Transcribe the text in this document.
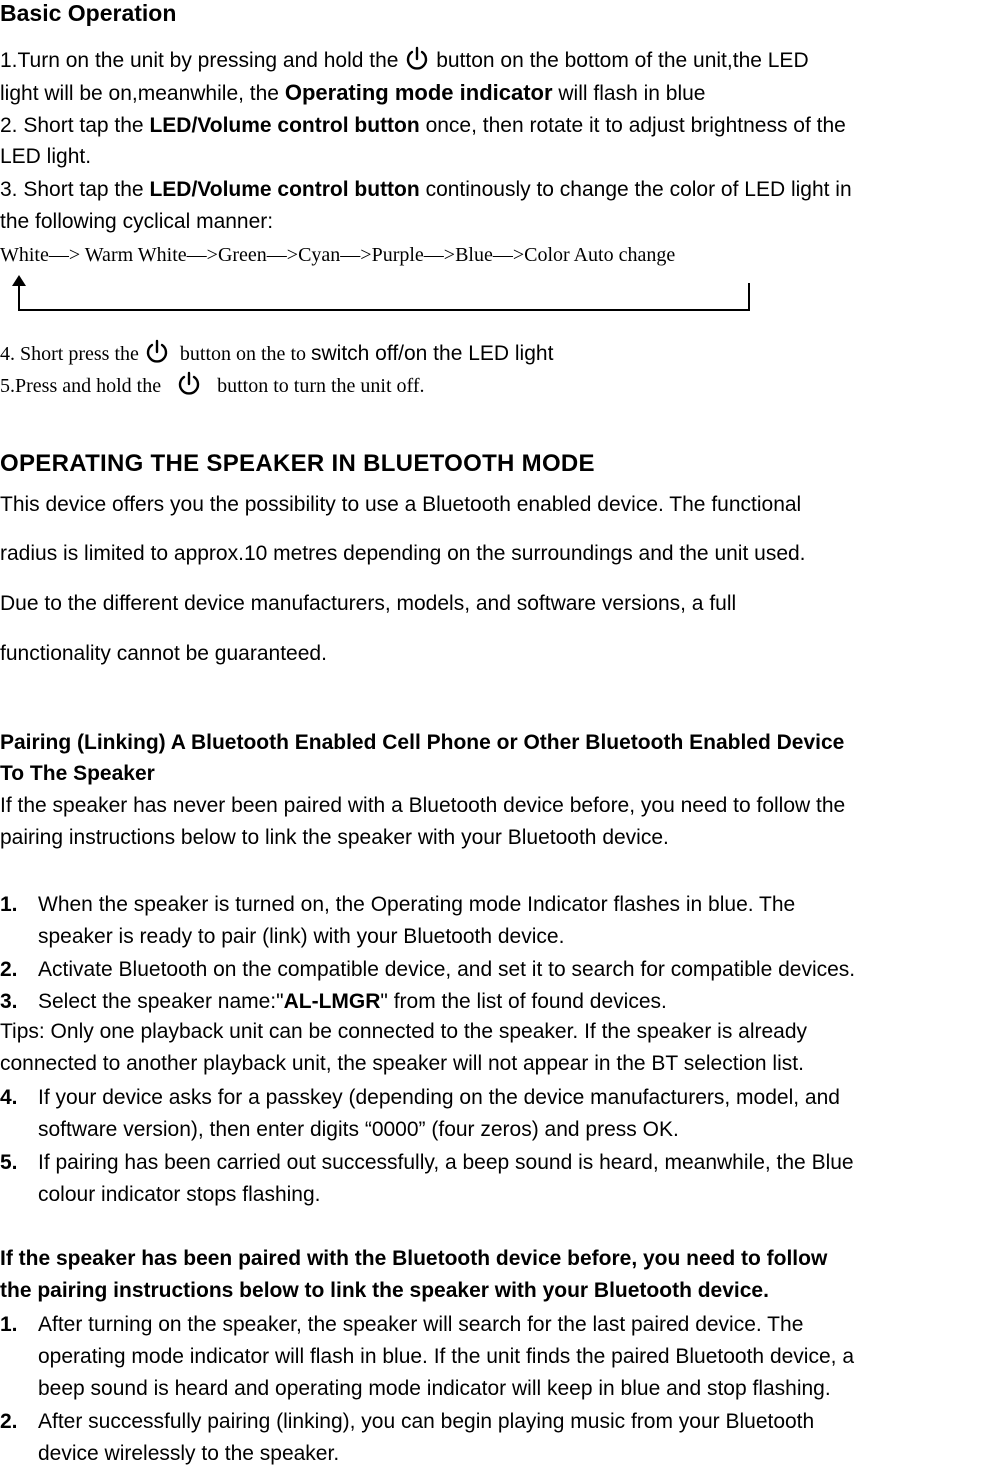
Basic Operation
1.Turn on the unit by pressing and hold the button on the bottom of the unit,the LED
light will be on,meanwhile, the Operating mode indicator will flash in blue
2. Short tap the LED/Volume control button once, then rotate it to adjust brightness of the
LED light.
3. Short tap the LED/Volume control button continously to change the color of LED light in
the following cyclical manner:
White—> Warm White—>Green—>Cyan—>Purple—>Blue—>Color Auto change
4. Short press the button on the to switch off/on the LED light
5.Press and hold the	button to turn the unit off.
OPERATING THE SPEAKER IN BLUETOOTH MODE
This device offers you the possibility to use a Bluetooth enabled device. The functional
radius is limited to approx.10 metres depending on the surroundings and the unit used.
Due to the different device manufacturers, models, and software versions, a full
functionality cannot be guaranteed.
Pairing (Linking) A Bluetooth Enabled Cell Phone or Other Bluetooth Enabled Device
To The Speaker
If the speaker has never been paired with a Bluetooth device before, you need to follow the
pairing instructions below to link the speaker with your Bluetooth device.
1. When the speaker is turned on, the Operating mode Indicator flashes in blue. The
speaker is ready to pair (link) with your Bluetooth device.
2. Activate Bluetooth on the compatible device, and set it to search for compatible devices.
3. Select the speaker name:"AL-LMGR" from the list of found devices.
Tips: Only one playback unit can be connected to the speaker. If the speaker is already
connected to another playback unit, the speaker will not appear in the BT selection list.
4. If your device asks for a passkey (depending on the device manufacturers, model, and
software version), then enter digits “0000” (four zeros) and press OK.
5. If pairing has been carried out successfully, a beep sound is heard, meanwhile, the Blue
colour indicator stops flashing.
If the speaker has been paired with the Bluetooth device before, you need to follow
the pairing instructions below to link the speaker with your Bluetooth device.
1. After turning on the speaker, the speaker will search for the last paired device. The
operating mode indicator will flash in blue. If the unit finds the paired Bluetooth device, a
beep sound is heard and operating mode indicator will keep in blue and stop flashing.
2. After successfully pairing (linking), you can begin playing music from your Bluetooth
device wirelessly to the speaker.
